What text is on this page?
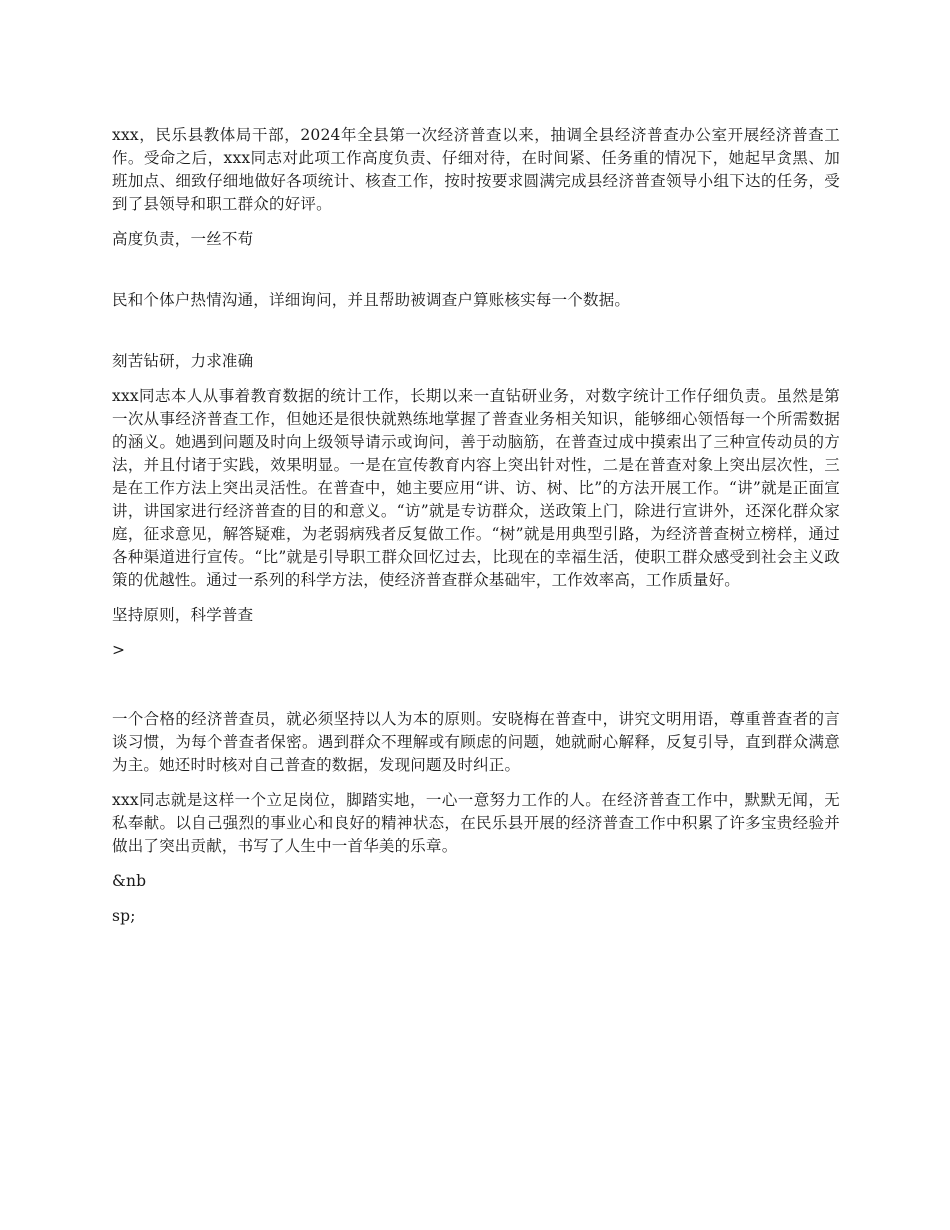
xxx，民乐县教体局干部，2024年全县第一次经济普查以来，抽调全县经济普查办公室开展经济普查工作。受命之后，xxx同志对此项工作高度负责、仔细对待，在时间紧、任务重的情况下，她起早贪黑、加班加点、细致仔细地做好各项统计、核查工作，按时按要求圆满完成县经济普查领导小组下达的任务，受到了县领导和职工群众的好评。

高度负责，一丝不苟

民和个体户热情沟通，详细询问，并且帮助被调查户算账核实每一个数据。

刻苦钻研，力求准确

xxx同志本人从事着教育数据的统计工作，长期以来一直钻研业务，对数字统计工作仔细负责。虽然是第一次从事经济普查工作，但她还是很快就熟练地掌握了普查业务相关知识，能够细心领悟每一个所需数据的涵义。她遇到问题及时向上级领导请示或询问，善于动脑筋，在普查过成中摸索出了三种宣传动员的方法，并且付诸于实践，效果明显。一是在宣传教育内容上突出针对性，二是在普查对象上突出层次性，三是在工作方法上突出灵活性。在普查中，她主要应用“讲、访、树、比”的方法开展工作。“讲”就是正面宣讲，讲国家进行经济普查的目的和意义。“访”就是专访群众，送政策上门，除进行宣讲外，还深化群众家庭，征求意见，解答疑难，为老弱病残者反复做工作。“树”就是用典型引路，为经济普查树立榜样，通过各种渠道进行宣传。“比”就是引导职工群众回忆过去，比现在的幸福生活，使职工群众感受到社会主义政策的优越性。通过一系列的科学方法，使经济普查群众基础牢，工作效率高，工作质量好。

坚持原则，科学普查

>

一个合格的经济普查员，就必须坚持以人为本的原则。安晓梅在普查中，讲究文明用语，尊重普查者的言谈习惯，为每个普查者保密。遇到群众不理解或有顾虑的问题，她就耐心解释，反复引导，直到群众满意为主。她还时时核对自己普查的数据，发现问题及时纠正。

xxx同志就是这样一个立足岗位，脚踏实地，一心一意努力工作的人。在经济普查工作中，默默无闻，无私奉献。以自己强烈的事业心和良好的精神状态，在民乐县开展的经济普查工作中积累了许多宝贵经验并做出了突出贡献，书写了人生中一首华美的乐章。

&nb

sp;
